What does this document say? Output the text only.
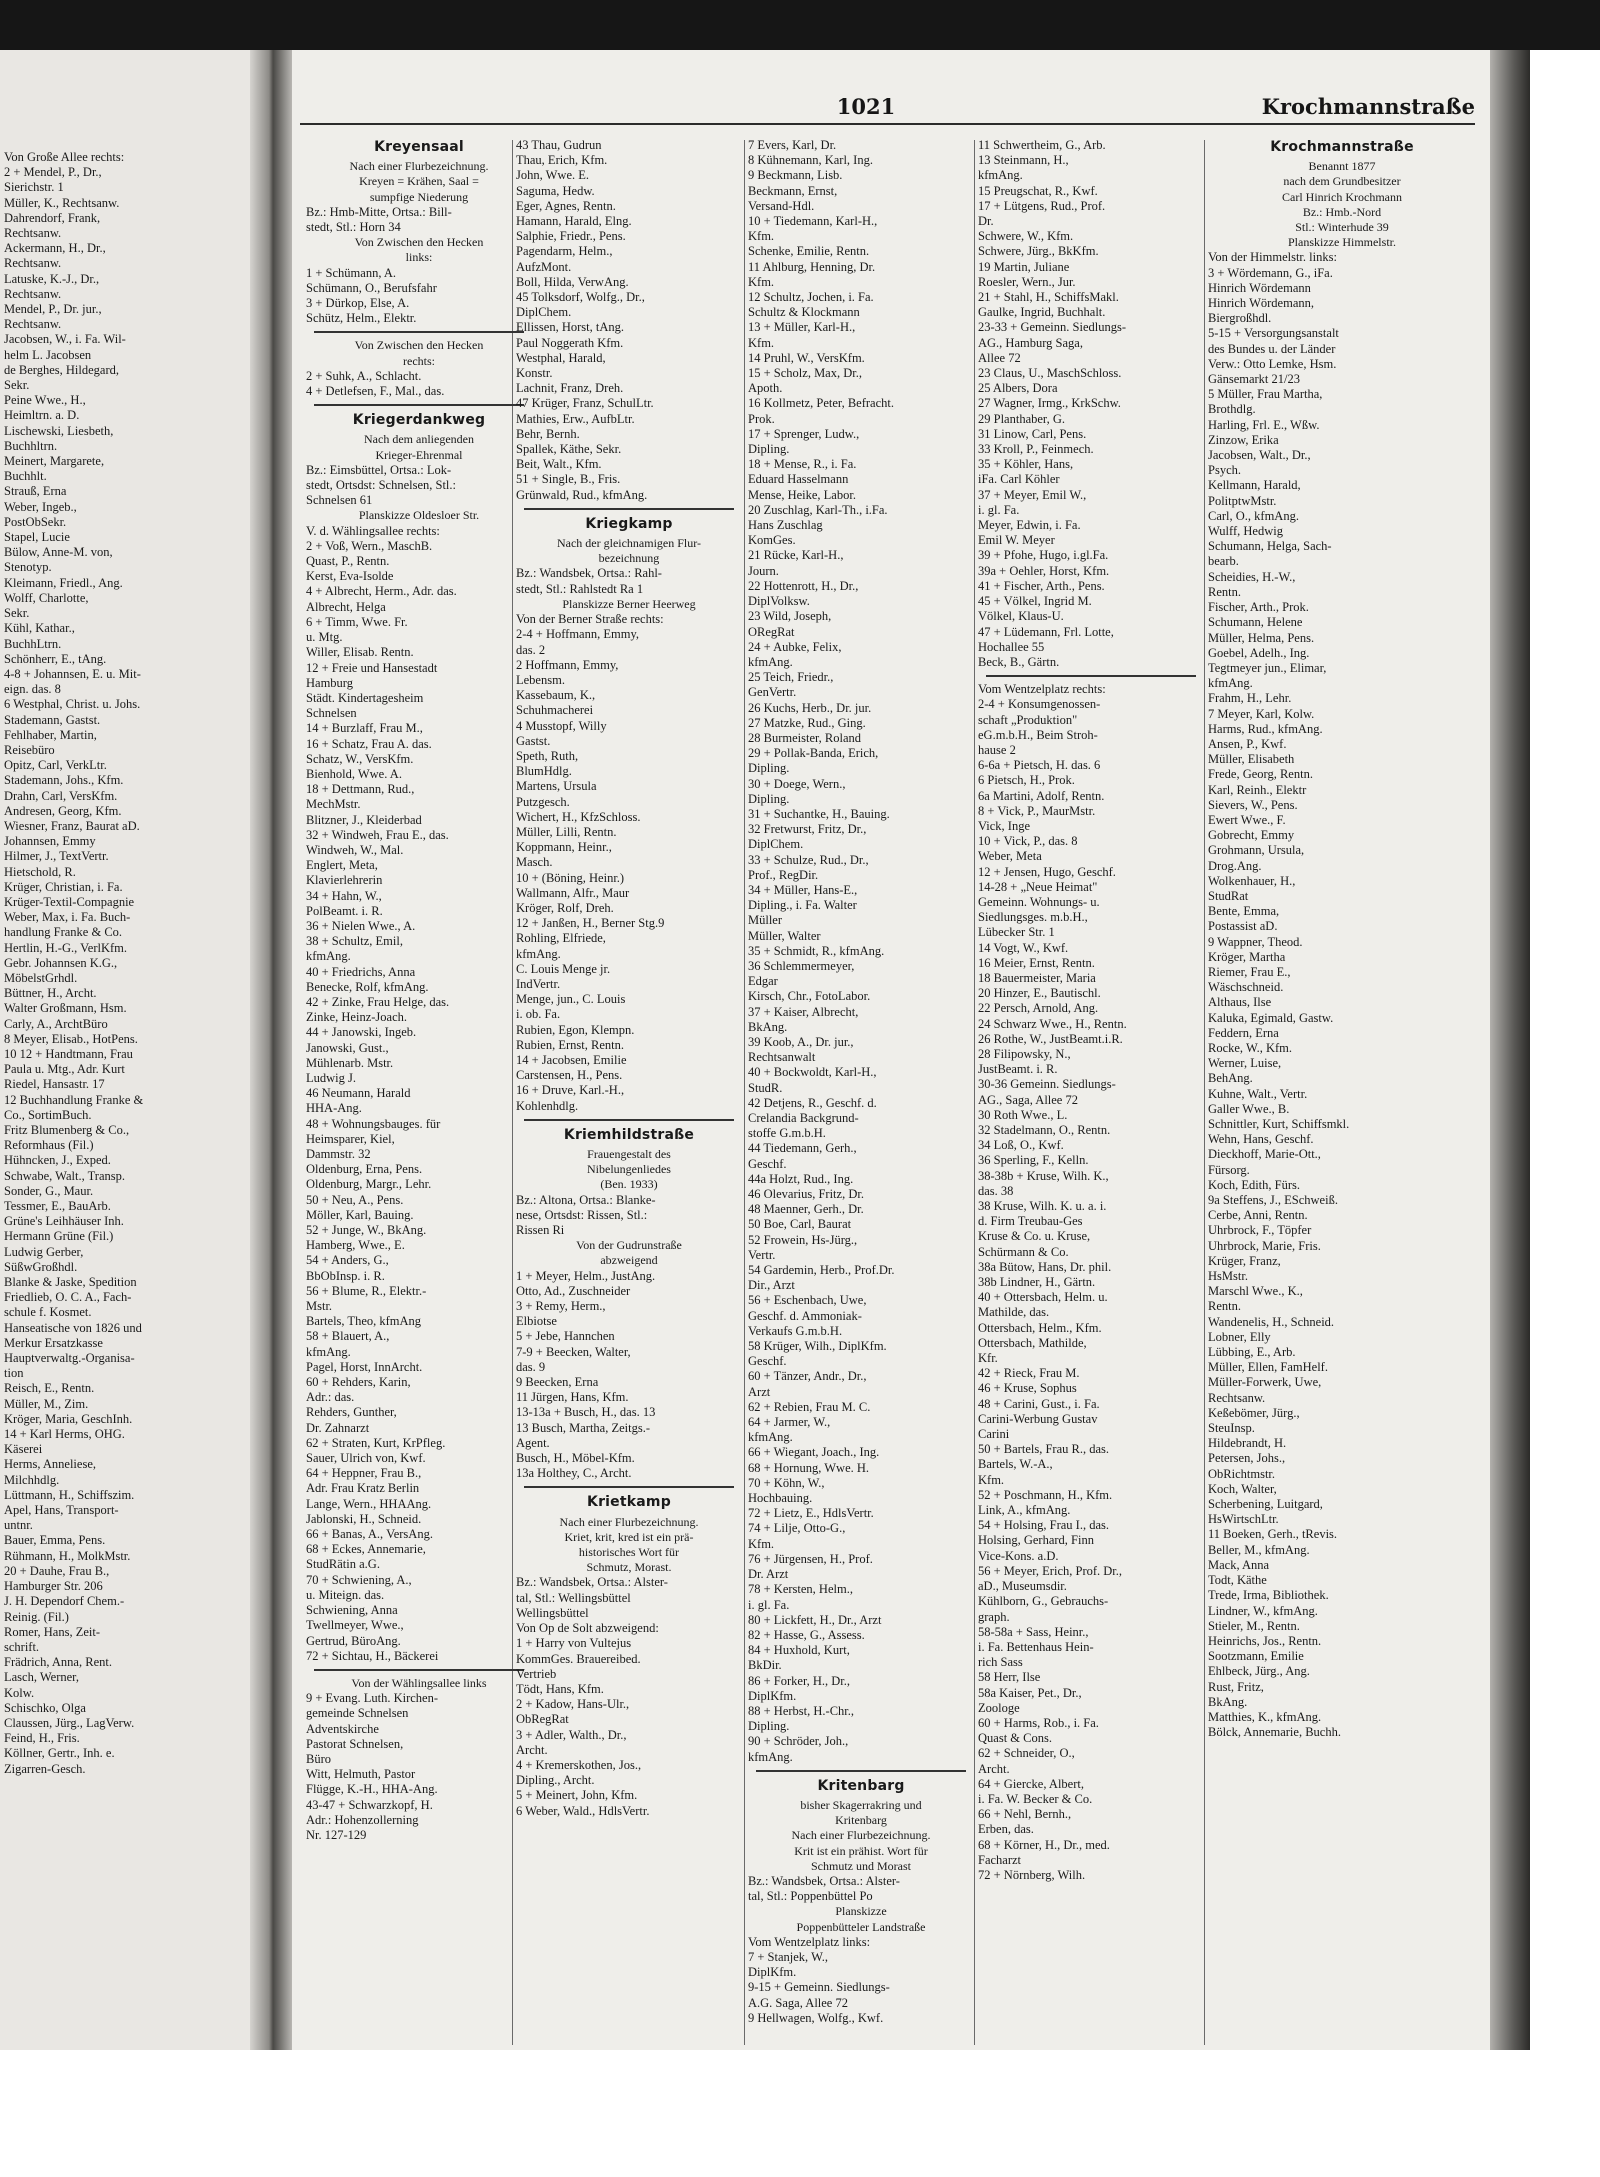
1021	Krochmannstraße
Von Große Allee rechts:
2 + Mendel, P., Dr.,
Sierichstr. 1
Müller, K., Rechtsanw.
Dahrendorf, Frank,
Rechtsanw.
Ackermann, H., Dr.,
Rechtsanw.
Latuske, K.-J., Dr.,
Rechtsanw.
Mendel, P., Dr. jur.,
Rechtsanw.
Jacobsen, W., i. Fa. Wil-
helm L. Jacobsen
de Berghes, Hildegard,
Sekr.
Peine Wwe., H.,
Heimltrn. a. D.
Lischewski, Liesbeth,
Buchhltrn.
Meinert, Margarete,
Buchhlt.
Strauß, Erna
Weber, Ingeb.,
PostObSekr.
Stapel, Lucie
Bülow, Anne-M. von,
Stenotyp.
Kleimann, Friedl., Ang.
Wolff, Charlotte,
Sekr.
Kühl, Kathar.,
BuchhLtrn.
Schönherr, E., tAng.
4-8 + Johannsen, E. u. Mit-
eign. das. 8
6 Westphal, Christ. u. Johs.
Stademann, Gastst.
Fehlhaber, Martin,
Reisebüro
Opitz, Carl, VerkLtr.
Stademann, Johs., Kfm.
Drahn, Carl, VersKfm.
Andresen, Georg, Kfm.
Wiesner, Franz, Baurat aD.
Johannsen, Emmy
Hilmer, J., TextVertr.
Hietschold, R.
Krüger, Christian, i. Fa.
Krüger-Textil-Compagnie
Weber, Max, i. Fa. Buch-
handlung Franke & Co.
Hertlin, H.-G., VerlKfm.
Gebr. Johannsen K.G.,
MöbelstGrhdl.
Büttner, H., Archt.
Walter Großmann, Hsm.
Carly, A., ArchtBüro
8 Meyer, Elisab., HotPens.
10 12 + Handtmann, Frau
Paula u. Mtg., Adr. Kurt
Riedel, Hansastr. 17
12 Buchhandlung Franke &
Co., SortimBuch.
Fritz Blumenberg & Co.,
Reformhaus (Fil.)
Hühncken, J., Exped.
Schwabe, Walt., Transp.
Sonder, G., Maur.
Tessmer, E., BauArb.
Grüne's Leihhäuser Inh.
Hermann Grüne (Fil.)
Ludwig Gerber,
SüßwGroßhdl.
Blanke & Jaske, Spedition
Friedlieb, O. C. A., Fach-
schule f. Kosmet.
Hanseatische von 1826 und
Merkur Ersatzkasse
Hauptverwaltg.-Organisa-
tion
Reisch, E., Rentn.
Müller, M., Zim.
Kröger, Maria, GeschInh.
14 + Karl Herms, OHG.
Käserei
Herms, Anneliese,
Milchhdlg.
Lüttmann, H., Schiffszim.
Apel, Hans, Transport-
untnr.
Bauer, Emma, Pens.
Rühmann, H., MolkMstr.
20 + Dauhe, Frau B.,
Hamburger Str. 206
J. H. Dependorf Chem.-
Reinig. (Fil.)
Romer, Hans, Zeit-
schrift.
Frädrich, Anna, Rent.
Lasch, Werner,
Kolw.
Schischko, Olga
Claussen, Jürg., LagVerw.
Feind, H., Fris.
Köllner, Gertr., Inh. e.
Zigarren-Gesch.
Kreyensaal
Nach einer Flurbezeichnung.
Kreyen = Krähen, Saal =
sumpfige Niederung
Bz.: Hmb-Mitte, Ortsa.: Bill-
stedt, Stl.: Horn 34
Von Zwischen den Hecken
links:
1 + Schümann, A.
Schümann, O., Berufsfahr
3 + Dürkop, Else, A.
Schütz, Helm., Elektr.
Von Zwischen den Hecken
rechts:
2 + Suhk, A., Schlacht.
4 + Detlefsen, F., Mal., das.
Kriegerdankweg
Nach dem anliegenden
Krieger-Ehrenmal
Bz.: Eimsbüttel, Ortsa.: Lok-
stedt, Ortsdst: Schnelsen, Stl.:
Schnelsen 61
Planskizze Oldesloer Str.
V. d. Wählingsallee rechts:
2 + Voß, Wern., MaschB.
Quast, P., Rentn.
Kerst, Eva-Isolde
4 + Albrecht, Herm., Adr. das.
Albrecht, Helga
6 + Timm, Wwe. Fr.
u. Mtg.
Willer, Elisab. Rentn.
12 + Freie und Hansestadt
Hamburg
Städt. Kindertagesheim
Schnelsen
14 + Burzlaff, Frau M.,
16 + Schatz, Frau A. das.
Schatz, W., VersKfm.
Bienhold, Wwe. A.
18 + Dettmann, Rud.,
MechMstr.
Blitzner, J., Kleiderbad
32 + Windweh, Frau E., das.
Windweh, W., Mal.
Englert, Meta,
Klavierlehrerin
34 + Hahn, W.,
PolBeamt. i. R.
36 + Nielen Wwe., A.
38 + Schultz, Emil,
kfmAng.
40 + Friedrichs, Anna
Benecke, Rolf, kfmAng.
42 + Zinke, Frau Helge, das.
Zinke, Heinz-Joach.
44 + Janowski, Ingeb.
Janowski, Gust.,
Mühlenarb. Mstr.
Ludwig J.
46 Neumann, Harald
HHA-Ang.
48 + Wohnungsbauges. für
Heimsparer, Kiel,
Dammstr. 32
Oldenburg, Erna, Pens.
Oldenburg, Margr., Lehr.
50 + Neu, A., Pens.
Möller, Karl, Bauing.
52 + Junge, W., BkAng.
Hamberg, Wwe., E.
54 + Anders, G.,
BbObInsp. i. R.
56 + Blume, R., Elektr.-
Mstr.
Bartels, Theo, kfmAng
58 + Blauert, A.,
kfmAng.
Pagel, Horst, InnArcht.
60 + Rehders, Karin,
Adr.: das.
Rehders, Gunther,
Dr. Zahnarzt
62 + Straten, Kurt, KrPfleg.
Sauer, Ulrich von, Kwf.
64 + Heppner, Frau B.,
Adr. Frau Kratz Berlin
Lange, Wern., HHAAng.
Jablonski, H., Schneid.
66 + Banas, A., VersAng.
68 + Eckes, Annemarie,
StudRätin a.G.
70 + Schwiening, A.,
u. Miteign. das.
Schwiening, Anna
Twellmeyer, Wwe.,
Gertrud, BüroAng.
72 + Sichtau, H., Bäckerei
Von der Wählingsallee links
9 + Evang. Luth. Kirchen-
gemeinde Schnelsen
Adventskirche
Pastorat Schnelsen,
Büro
Witt, Helmuth, Pastor
Flügge, K.-H., HHA-Ang.
43-47 + Schwarzkopf, H.
Adr.: Hohenzollerning
Nr. 127-129
43 Thau, Gudrun
Thau, Erich, Kfm.
John, Wwe. E.
Saguma, Hedw.
Eger, Agnes, Rentn.
Hamann, Harald, Elng.
Salphie, Friedr., Pens.
Pagendarm, Helm.,
AufzMont.
Boll, Hilda, VerwAng.
45 Tolksdorf, Wolfg., Dr.,
DiplChem.
Ellissen, Horst, tAng.
Paul Noggerath Kfm.
Westphal, Harald,
Konstr.
Lachnit, Franz, Dreh.
47 Krüger, Franz, SchulLtr.
Mathies, Erw., AufbLtr.
Behr, Bernh.
Spallek, Käthe, Sekr.
Beit, Walt., Kfm.
51 + Single, B., Fris.
Grünwald, Rud., kfmAng.
Kriegkamp
Nach der gleichnamigen Flur-
bezeichnung
Bz.: Wandsbek, Ortsa.: Rahl-
stedt, Stl.: Rahlstedt Ra 1
Planskizze Berner Heerweg
Von der Berner Straße rechts:
2-4 + Hoffmann, Emmy,
das. 2
2 Hoffmann, Emmy,
Lebensm.
Kassebaum, K.,
Schuhmacherei
4 Musstopf, Willy
Gastst.
Speth, Ruth,
BlumHdlg.
Martens, Ursula
Putzgesch.
Wichert, H., KfzSchloss.
Müller, Lilli, Rentn.
Koppmann, Heinr.,
Masch.
10 + (Böning, Heinr.)
Wallmann, Alfr., Maur
Kröger, Rolf, Dreh.
12 + Janßen, H., Berner Stg.9
Rohling, Elfriede,
kfmAng.
C. Louis Menge jr.
IndVertr.
Menge, jun., C. Louis
i. ob. Fa.
Rubien, Egon, Klempn.
Rubien, Ernst, Rentn.
14 + Jacobsen, Emilie
Carstensen, H., Pens.
16 + Druve, Karl.-H.,
Kohlenhdlg.
Kriemhildstraße
Frauengestalt des
Nibelungenliedes
(Ben. 1933)
Bz.: Altona, Ortsa.: Blanke-
nese, Ortsdst: Rissen, Stl.:
Rissen Ri
Von der Gudrunstraße
abzweigend
1 + Meyer, Helm., JustAng.
Otto, Ad., Zuschneider
3 + Remy, Herm.,
Elbiotse
5 + Jebe, Hannchen
7-9 + Beecken, Walter,
das. 9
9 Beecken, Erna
11 Jürgen, Hans, Kfm.
13-13a + Busch, H., das. 13
13 Busch, Martha, Zeitgs.-
Agent.
Busch, H., Möbel-Kfm.
13a Holthey, C., Archt.
Krietkamp
Nach einer Flurbezeichnung.
Kriet, krit, kred ist ein prä-
historisches Wort für
Schmutz, Morast.
Bz.: Wandsbek, Ortsa.: Alster-
tal, Stl.: Wellingsbüttel
Wellingsbüttel
Von Op de Solt abzweigend:
1 + Harry von Vultejus
KommGes. Brauereibed.
Vertrieb
Tödt, Hans, Kfm.
2 + Kadow, Hans-Ulr.,
ObRegRat
3 + Adler, Walth., Dr.,
Archt.
4 + Kremerskothen, Jos.,
Dipling., Archt.
5 + Meinert, John, Kfm.
6 Weber, Wald., HdlsVertr.
7 Evers, Karl, Dr.
8 Kühnemann, Karl, Ing.
9 Beckmann, Lisb.
Beckmann, Ernst,
Versand-Hdl.
10 + Tiedemann, Karl-H.,
Kfm.
Schenke, Emilie, Rentn.
11 Ahlburg, Henning, Dr.
Kfm.
12 Schultz, Jochen, i. Fa.
Schultz & Klockmann
13 + Müller, Karl-H.,
Kfm.
14 Pruhl, W., VersKfm.
15 + Scholz, Max, Dr.,
Apoth.
16 Kollmetz, Peter, Befracht.
Prok.
17 + Sprenger, Ludw.,
Dipling.
18 + Mense, R., i. Fa.
Eduard Hasselmann
Mense, Heike, Labor.
20 Zuschlag, Karl-Th., i.Fa.
Hans Zuschlag
KomGes.
21 Rücke, Karl-H.,
Journ.
22 Hottenrott, H., Dr.,
DiplVolksw.
23 Wild, Joseph,
ORegRat
24 + Aubke, Felix,
kfmAng.
25 Teich, Friedr.,
GenVertr.
26 Kuchs, Herb., Dr. jur.
27 Matzke, Rud., Ging.
28 Burmeister, Roland
29 + Pollak-Banda, Erich,
Dipling.
30 + Doege, Wern.,
Dipling.
31 + Suchantke, H., Bauing.
32 Fretwurst, Fritz, Dr.,
DiplChem.
33 + Schulze, Rud., Dr.,
Prof., RegDir.
34 + Müller, Hans-E.,
Dipling., i. Fa. Walter
Müller
Müller, Walter
35 + Schmidt, R., kfmAng.
36 Schlemmermeyer,
Edgar
Kirsch, Chr., FotoLabor.
37 + Kaiser, Albrecht,
BkAng.
39 Koob, A., Dr. jur.,
Rechtsanwalt
40 + Bockwoldt, Karl-H.,
StudR.
42 Detjens, R., Geschf. d.
Crelandia Backgrund-
stoffe G.m.b.H.
44 Tiedemann, Gerh.,
Geschf.
44a Holzt, Rud., Ing.
46 Olevarius, Fritz, Dr.
48 Maenner, Gerh., Dr.
50 Boe, Carl, Baurat
52 Frowein, Hs-Jürg.,
Vertr.
54 Gardemin, Herb., Prof.Dr.
Dir., Arzt
56 + Eschenbach, Uwe,
Geschf. d. Ammoniak-
Verkaufs G.m.b.H.
58 Krüger, Wilh., DiplKfm.
Geschf.
60 + Tänzer, Andr., Dr.,
Arzt
62 + Rebien, Frau M. C.
64 + Jarmer, W.,
kfmAng.
66 + Wiegant, Joach., Ing.
68 + Hornung, Wwe. H.
70 + Köhn, W.,
Hochbauing.
72 + Lietz, E., HdlsVertr.
74 + Lilje, Otto-G.,
Kfm.
76 + Jürgensen, H., Prof.
Dr. Arzt
78 + Kersten, Helm.,
i. gl. Fa.
80 + Lickfett, H., Dr., Arzt
82 + Hasse, G., Assess.
84 + Huxhold, Kurt,
BkDir.
86 + Forker, H., Dr.,
DiplKfm.
88 + Herbst, H.-Chr.,
Dipling.
90 + Schröder, Joh.,
kfmAng.
Kritenbarg
bisher Skagerrakring und
Kritenbarg
Nach einer Flurbezeichnung.
Krit ist ein prähist. Wort für
Schmutz und Morast
Bz.: Wandsbek, Ortsa.: Alster-
tal, Stl.: Poppenbüttel Po
Planskizze
Poppenbütteler Landstraße
Vom Wentzelplatz links:
7 + Stanjek, W.,
DiplKfm.
9-15 + Gemeinn. Siedlungs-
A.G. Saga, Allee 72
9 Hellwagen, Wolfg., Kwf.
11 Schwertheim, G., Arb.
13 Steinmann, H.,
kfmAng.
15 Preugschat, R., Kwf.
17 + Lütgens, Rud., Prof.
Dr.
Schwere, W., Kfm.
Schwere, Jürg., BkKfm.
19 Martin, Juliane
Roesler, Wern., Jur.
21 + Stahl, H., SchiffsMakl.
Gaulke, Ingrid, Buchhalt.
23-33 + Gemeinn. Siedlungs-
AG., Hamburg Saga,
Allee 72
23 Claus, U., MaschSchloss.
25 Albers, Dora
27 Wagner, Irmg., KrkSchw.
29 Planthaber, G.
31 Linow, Carl, Pens.
33 Kroll, P., Feinmech.
35 + Köhler, Hans,
iFa. Carl Köhler
37 + Meyer, Emil W.,
i. gl. Fa.
Meyer, Edwin, i. Fa.
Emil W. Meyer
39 + Pfohe, Hugo, i.gl.Fa.
39a + Oehler, Horst, Kfm.
41 + Fischer, Arth., Pens.
45 + Völkel, Ingrid M.
Völkel, Klaus-U.
47 + Lüdemann, Frl. Lotte,
Hochallee 55
Beck, B., Gärtn.
Vom Wentzelplatz rechts:
2-4 + Konsumgenossen-
schaft „Produktion"
eG.m.b.H., Beim Stroh-
hause 2
6-6a + Pietsch, H. das. 6
6 Pietsch, H., Prok.
6a Martini, Adolf, Rentn.
8 + Vick, P., MaurMstr.
Vick, Inge
10 + Vick, P., das. 8
Weber, Meta
12 + Jensen, Hugo, Geschf.
14-28 + „Neue Heimat"
Gemeinn. Wohnungs- u.
Siedlungsges. m.b.H.,
Lübecker Str. 1
14 Vogt, W., Kwf.
16 Meier, Ernst, Rentn.
18 Bauermeister, Maria
20 Hinzer, E., Bautischl.
22 Persch, Arnold, Ang.
24 Schwarz Wwe., H., Rentn.
26 Rothe, W., JustBeamt.i.R.
28 Filipowsky, N.,
JustBeamt. i. R.
30-36 Gemeinn. Siedlungs-
AG., Saga, Allee 72
30 Roth Wwe., L.
32 Stadelmann, O., Rentn.
34 Loß, O., Kwf.
36 Sperling, F., Kelln.
38-38b + Kruse, Wilh. K.,
das. 38
38 Kruse, Wilh. K. u. a. i.
d. Firm Treubau-Ges
Kruse & Co. u. Kruse,
Schürmann & Co.
38a Bütow, Hans, Dr. phil.
38b Lindner, H., Gärtn.
40 + Ottersbach, Helm. u.
Mathilde, das.
Ottersbach, Helm., Kfm.
Ottersbach, Mathilde,
Kfr.
42 + Rieck, Frau M.
46 + Kruse, Sophus
48 + Carini, Gust., i. Fa.
Carini-Werbung Gustav
Carini
50 + Bartels, Frau R., das.
Bartels, W.-A.,
Kfm.
52 + Poschmann, H., Kfm.
Link, A., kfmAng.
54 + Holsing, Frau I., das.
Holsing, Gerhard, Finn
Vice-Kons. a.D.
56 + Meyer, Erich, Prof. Dr.,
aD., Museumsdir.
Kühlborn, G., Gebrauchs-
graph.
58-58a + Sass, Heinr.,
i. Fa. Bettenhaus Hein-
rich Sass
58 Herr, Ilse
58a Kaiser, Pet., Dr.,
Zoologe
60 + Harms, Rob., i. Fa.
Quast & Cons.
62 + Schneider, O.,
Archt.
64 + Giercke, Albert,
i. Fa. W. Becker & Co.
66 + Nehl, Bernh.,
Erben, das.
68 + Körner, H., Dr., med.
Facharzt
72 + Nörnberg, Wilh.
Krochmannstraße
Benannt 1877
nach dem Grundbesitzer
Carl Hinrich Krochmann
Bz.: Hmb.-Nord
Stl.: Winterhude 39
Planskizze Himmelstr.
Von der Himmelstr. links:
3 + Wördemann, G., iFa.
Hinrich Wördemann
Hinrich Wördemann,
Biergroßhdl.
5-15 + Versorgungsanstalt
des Bundes u. der Länder
Verw.: Otto Lemke, Hsm.
Gänsemarkt 21/23
5 Müller, Frau Martha,
Brothdlg.
Harling, Frl. E., Wßw.
Zinzow, Erika
Jacobsen, Walt., Dr.,
Psych.
Kellmann, Harald,
PolitptwMstr.
Carl, O., kfmAng.
Wulff, Hedwig
Schumann, Helga, Sach-
bearb.
Scheidies, H.-W.,
Rentn.
Fischer, Arth., Prok.
Schumann, Helene
Müller, Helma, Pens.
Goebel, Adelh., Ing.
Tegtmeyer jun., Elimar,
kfmAng.
Frahm, H., Lehr.
7 Meyer, Karl, Kolw.
Harms, Rud., kfmAng.
Ansen, P., Kwf.
Müller, Elisabeth
Frede, Georg, Rentn.
Karl, Reinh., Elektr
Sievers, W., Pens.
Ewert Wwe., F.
Gobrecht, Emmy
Grohmann, Ursula,
Drog.Ang.
Wolkenhauer, H.,
StudRat
Bente, Emma,
Postassist aD.
9 Wappner, Theod.
Kröger, Martha
Riemer, Frau E.,
Wäschschneid.
Althaus, Ilse
Kaluka, Egimald, Gastw.
Feddern, Erna
Rocke, W., Kfm.
Werner, Luise,
BehAng.
Kuhne, Walt., Vertr.
Galler Wwe., B.
Schnittler, Kurt, Schiffsmkl.
Wehn, Hans, Geschf.
Dieckhoff, Marie-Ott.,
Fürsorg.
Koch, Edith, Fürs.
9a Steffens, J., ESchweiß.
Cerbe, Anni, Rentn.
Uhrbrock, F., Töpfer
Uhrbrock, Marie, Fris.
Krüger, Franz,
HsMstr.
Marschl Wwe., K.,
Rentn.
Wandenelis, H., Schneid.
Lobner, Elly
Lübbing, E., Arb.
Müller, Ellen, FamHelf.
Müller-Forwerk, Uwe,
Rechtsanw.
Keßebömer, Jürg.,
SteuInsp.
Hildebrandt, H.
Petersen, Johs.,
ObRichtmstr.
Koch, Walter,
Scherbening, Luitgard,
HsWirtschLtr.
11 Boeken, Gerh., tRevis.
Beller, M., kfmAng.
Mack, Anna
Todt, Käthe
Trede, Irma, Bibliothek.
Lindner, W., kfmAng.
Stieler, M., Rentn.
Heinrichs, Jos., Rentn.
Sootzmann, Emilie
Ehlbeck, Jürg., Ang.
Rust, Fritz,
BkAng.
Matthies, K., kfmAng.
Bölck, Annemarie, Buchh.
